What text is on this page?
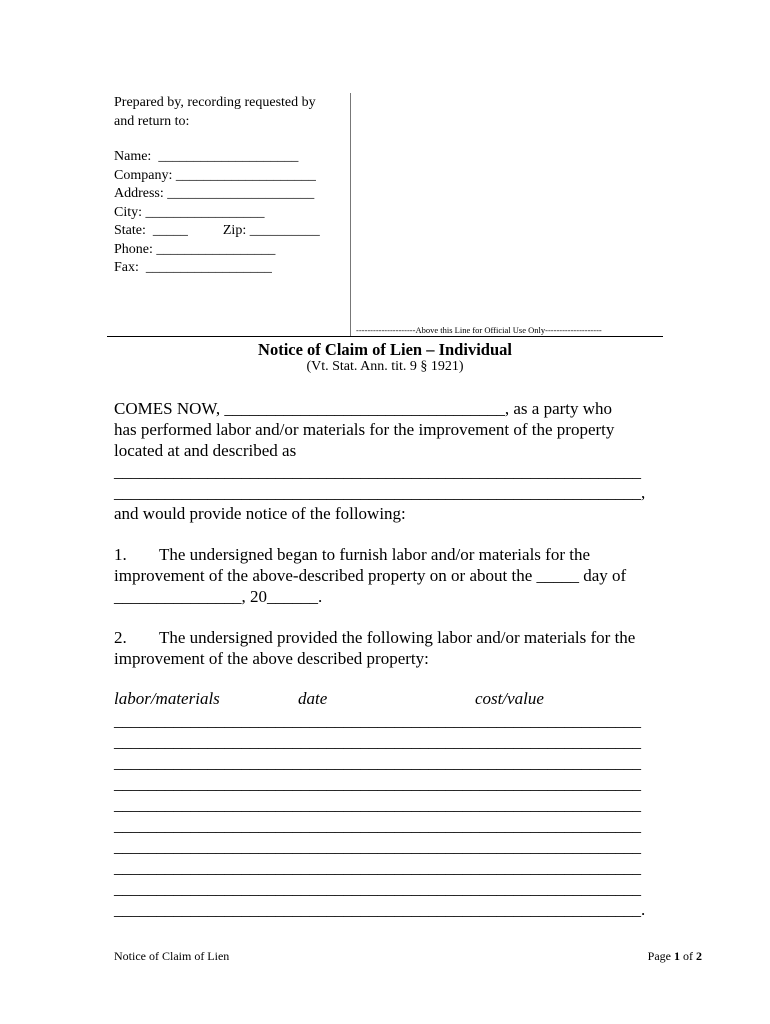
Prepared by, recording requested by
and return to:
Name:  ____________________
Company: ____________________
Address: _____________________
City: _________________
State:  _____          Zip: __________
Phone: _________________
Fax:  __________________
---------------------Above this Line for Official Use Only--------------------
Notice of Claim of Lien – Individual
(Vt. Stat. Ann. tit. 9 § 1921)
COMES NOW, _________________________________, as a party who
has performed labor and/or materials for the improvement of the property
located at and described as
______________________________________________________________
______________________________________________________________,
and would provide notice of the following:
1. The undersigned began to furnish labor and/or materials for the
improvement of the above-described property on or about the _____ day of
_______________, 20______.
2. The undersigned provided the following labor and/or materials for the
improvement of the above described property:
labor/materials	date	cost/value
______________________________________________________________
______________________________________________________________
______________________________________________________________
______________________________________________________________
______________________________________________________________
______________________________________________________________
______________________________________________________________
______________________________________________________________
______________________________________________________________
______________________________________________________________.
Notice of Claim of Lien	Page 1 of 2
